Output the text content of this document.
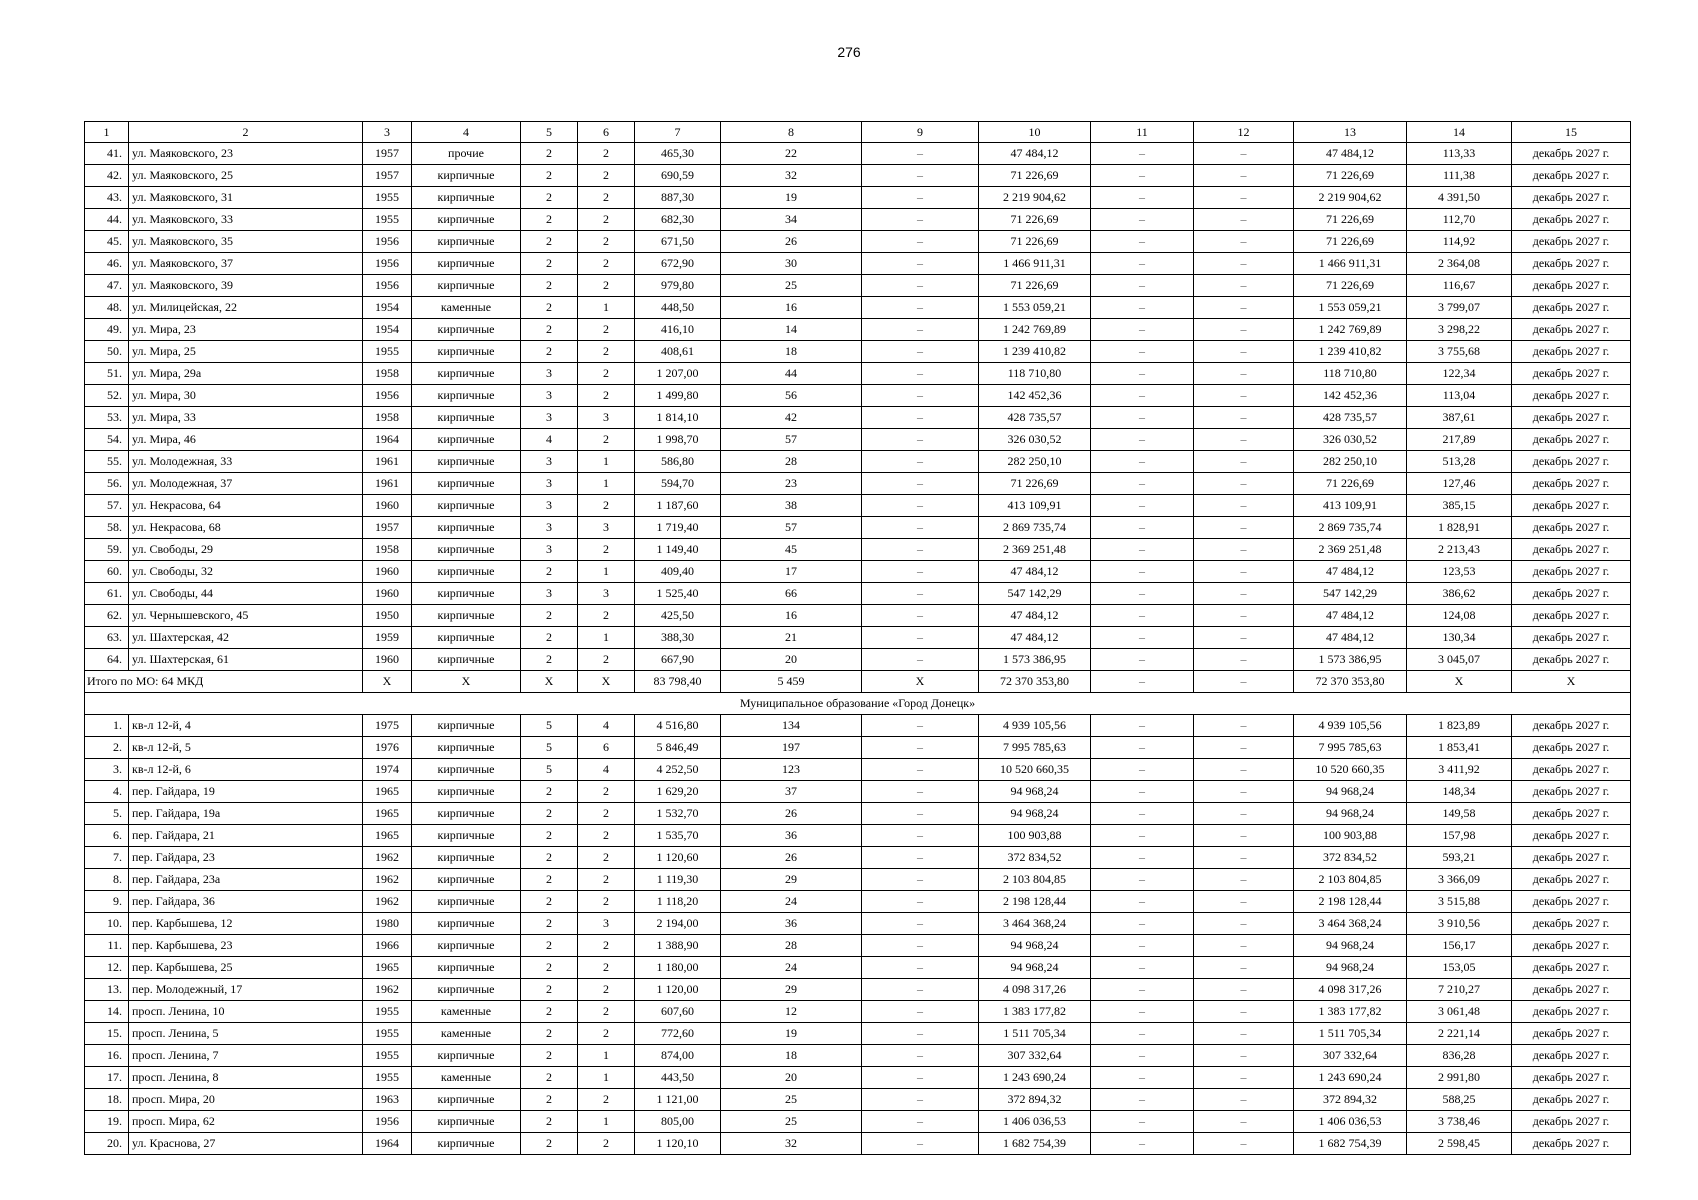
276
1	2	3	4	5	6	7	8	9	10	11	12	13	14	15
41.	ул. Маяковского, 23	1957	прочие	2	2	465,30	22	–	47 484,12	–	–	47 484,12	113,33	декабрь 2027 г.
42.	ул. Маяковского, 25	1957	кирпичные	2	2	690,59	32	–	71 226,69	–	–	71 226,69	111,38	декабрь 2027 г.
43.	ул. Маяковского, 31	1955	кирпичные	2	2	887,30	19	–	2 219 904,62	–	–	2 219 904,62	4 391,50	декабрь 2027 г.
44.	ул. Маяковского, 33	1955	кирпичные	2	2	682,30	34	–	71 226,69	–	–	71 226,69	112,70	декабрь 2027 г.
45.	ул. Маяковского, 35	1956	кирпичные	2	2	671,50	26	–	71 226,69	–	–	71 226,69	114,92	декабрь 2027 г.
46.	ул. Маяковского, 37	1956	кирпичные	2	2	672,90	30	–	1 466 911,31	–	–	1 466 911,31	2 364,08	декабрь 2027 г.
47.	ул. Маяковского, 39	1956	кирпичные	2	2	979,80	25	–	71 226,69	–	–	71 226,69	116,67	декабрь 2027 г.
48.	ул. Милицейская, 22	1954	каменные	2	1	448,50	16	–	1 553 059,21	–	–	1 553 059,21	3 799,07	декабрь 2027 г.
49.	ул. Мира, 23	1954	кирпичные	2	2	416,10	14	–	1 242 769,89	–	–	1 242 769,89	3 298,22	декабрь 2027 г.
50.	ул. Мира, 25	1955	кирпичные	2	2	408,61	18	–	1 239 410,82	–	–	1 239 410,82	3 755,68	декабрь 2027 г.
51.	ул. Мира, 29а	1958	кирпичные	3	2	1 207,00	44	–	118 710,80	–	–	118 710,80	122,34	декабрь 2027 г.
52.	ул. Мира, 30	1956	кирпичные	3	2	1 499,80	56	–	142 452,36	–	–	142 452,36	113,04	декабрь 2027 г.
53.	ул. Мира, 33	1958	кирпичные	3	3	1 814,10	42	–	428 735,57	–	–	428 735,57	387,61	декабрь 2027 г.
54.	ул. Мира, 46	1964	кирпичные	4	2	1 998,70	57	–	326 030,52	–	–	326 030,52	217,89	декабрь 2027 г.
55.	ул. Молодежная, 33	1961	кирпичные	3	1	586,80	28	–	282 250,10	–	–	282 250,10	513,28	декабрь 2027 г.
56.	ул. Молодежная, 37	1961	кирпичные	3	1	594,70	23	–	71 226,69	–	–	71 226,69	127,46	декабрь 2027 г.
57.	ул. Некрасова, 64	1960	кирпичные	3	2	1 187,60	38	–	413 109,91	–	–	413 109,91	385,15	декабрь 2027 г.
58.	ул. Некрасова, 68	1957	кирпичные	3	3	1 719,40	57	–	2 869 735,74	–	–	2 869 735,74	1 828,91	декабрь 2027 г.
59.	ул. Свободы, 29	1958	кирпичные	3	2	1 149,40	45	–	2 369 251,48	–	–	2 369 251,48	2 213,43	декабрь 2027 г.
60.	ул. Свободы, 32	1960	кирпичные	2	1	409,40	17	–	47 484,12	–	–	47 484,12	123,53	декабрь 2027 г.
61.	ул. Свободы, 44	1960	кирпичные	3	3	1 525,40	66	–	547 142,29	–	–	547 142,29	386,62	декабрь 2027 г.
62.	ул. Чернышевского, 45	1950	кирпичные	2	2	425,50	16	–	47 484,12	–	–	47 484,12	124,08	декабрь 2027 г.
63.	ул. Шахтерская, 42	1959	кирпичные	2	1	388,30	21	–	47 484,12	–	–	47 484,12	130,34	декабрь 2027 г.
64.	ул. Шахтерская, 61	1960	кирпичные	2	2	667,90	20	–	1 573 386,95	–	–	1 573 386,95	3 045,07	декабрь 2027 г.
Итого по МО: 64 МКД		X	X	X	X	83 798,40	5 459	X	72 370 353,80	–	–	72 370 353,80	X	X
Муниципальное образование «Город Донецк»														
1.	кв-л 12-й, 4	1975	кирпичные	5	4	4 516,80	134	–	4 939 105,56	–	–	4 939 105,56	1 823,89	декабрь 2027 г.
2.	кв-л 12-й, 5	1976	кирпичные	5	6	5 846,49	197	–	7 995 785,63	–	–	7 995 785,63	1 853,41	декабрь 2027 г.
3.	кв-л 12-й, 6	1974	кирпичные	5	4	4 252,50	123	–	10 520 660,35	–	–	10 520 660,35	3 411,92	декабрь 2027 г.
4.	пер. Гайдара, 19	1965	кирпичные	2	2	1 629,20	37	–	94 968,24	–	–	94 968,24	148,34	декабрь 2027 г.
5.	пер. Гайдара, 19а	1965	кирпичные	2	2	1 532,70	26	–	94 968,24	–	–	94 968,24	149,58	декабрь 2027 г.
6.	пер. Гайдара, 21	1965	кирпичные	2	2	1 535,70	36	–	100 903,88	–	–	100 903,88	157,98	декабрь 2027 г.
7.	пер. Гайдара, 23	1962	кирпичные	2	2	1 120,60	26	–	372 834,52	–	–	372 834,52	593,21	декабрь 2027 г.
8.	пер. Гайдара, 23а	1962	кирпичные	2	2	1 119,30	29	–	2 103 804,85	–	–	2 103 804,85	3 366,09	декабрь 2027 г.
9.	пер. Гайдара, 36	1962	кирпичные	2	2	1 118,20	24	–	2 198 128,44	–	–	2 198 128,44	3 515,88	декабрь 2027 г.
10.	пер. Карбышева, 12	1980	кирпичные	2	3	2 194,00	36	–	3 464 368,24	–	–	3 464 368,24	3 910,56	декабрь 2027 г.
11.	пер. Карбышева, 23	1966	кирпичные	2	2	1 388,90	28	–	94 968,24	–	–	94 968,24	156,17	декабрь 2027 г.
12.	пер. Карбышева, 25	1965	кирпичные	2	2	1 180,00	24	–	94 968,24	–	–	94 968,24	153,05	декабрь 2027 г.
13.	пер. Молодежный, 17	1962	кирпичные	2	2	1 120,00	29	–	4 098 317,26	–	–	4 098 317,26	7 210,27	декабрь 2027 г.
14.	просп. Ленина, 10	1955	каменные	2	2	607,60	12	–	1 383 177,82	–	–	1 383 177,82	3 061,48	декабрь 2027 г.
15.	просп. Ленина, 5	1955	каменные	2	2	772,60	19	–	1 511 705,34	–	–	1 511 705,34	2 221,14	декабрь 2027 г.
16.	просп. Ленина, 7	1955	кирпичные	2	1	874,00	18	–	307 332,64	–	–	307 332,64	836,28	декабрь 2027 г.
17.	просп. Ленина, 8	1955	каменные	2	1	443,50	20	–	1 243 690,24	–	–	1 243 690,24	2 991,80	декабрь 2027 г.
18.	просп. Мира, 20	1963	кирпичные	2	2	1 121,00	25	–	372 894,32	–	–	372 894,32	588,25	декабрь 2027 г.
19.	просп. Мира, 62	1956	кирпичные	2	1	805,00	25	–	1 406 036,53	–	–	1 406 036,53	3 738,46	декабрь 2027 г.
20.	ул. Краснова, 27	1964	кирпичные	2	2	1 120,10	32	–	1 682 754,39	–	–	1 682 754,39	2 598,45	декабрь 2027 г.
